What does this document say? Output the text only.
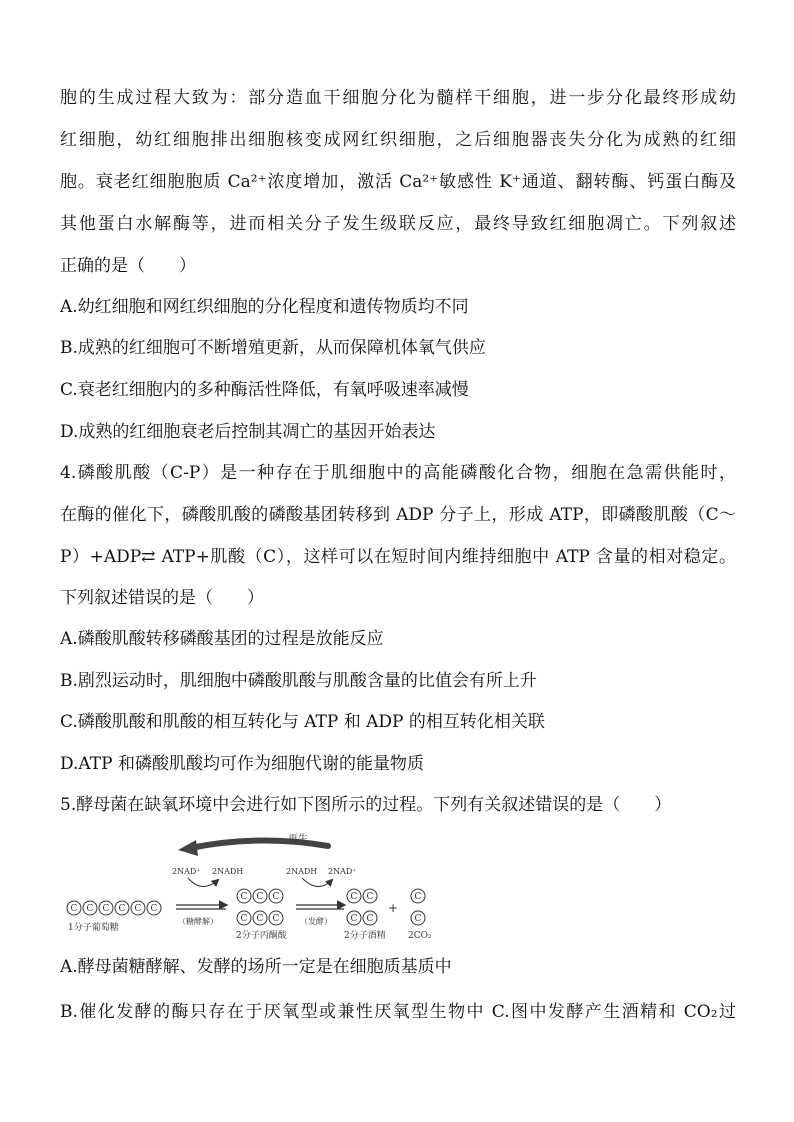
胞的生成过程大致为：部分造血干细胞分化为髓样干细胞，进一步分化最终形成幼
红细胞，幼红细胞排出细胞核变成网红织细胞，之后细胞器丧失分化为成熟的红细
胞。衰老红细胞胞质 Ca²⁺浓度增加，激活 Ca²⁺敏感性 K⁺通道、翻转酶、钙蛋白酶及
其他蛋白水解酶等，进而相关分子发生级联反应，最终导致红细胞凋亡。下列叙述
正确的是（　　）
A.幼红细胞和网红织细胞的分化程度和遗传物质均不同
B.成熟的红细胞可不断增殖更新，从而保障机体氧气供应
C.衰老红细胞内的多种酶活性降低，有氧呼吸速率减慢
D.成熟的红细胞衰老后控制其凋亡的基因开始表达
4.磷酸肌酸（C-P）是一种存在于肌细胞中的高能磷酸化合物，细胞在急需供能时，
在酶的催化下，磷酸肌酸的磷酸基团转移到 ADP 分子上，形成 ATP，即磷酸肌酸（C～
P）+ADP⇄ ATP+肌酸（C），这样可以在短时间内维持细胞中 ATP 含量的相对稳定。
下列叙述错误的是（　　）
A.磷酸肌酸转移磷酸基团的过程是放能反应
B.剧烈运动时，肌细胞中磷酸肌酸与肌酸含量的比值会有所上升
C.磷酸肌酸和肌酸的相互转化与 ATP 和 ADP 的相互转化相关联
D.ATP 和磷酸肌酸均可作为细胞代谢的能量物质
5.酵母菌在缺氧环境中会进行如下图所示的过程。下列有关叙述错误的是（　　）
再生
2NAD⁺ 2NADH	2NADH 2NAD⁺
C C C C C C
1分子葡萄糖
（糖酵解）
C C C
C C C
2分子丙酮酸
（发酵）
C C
C C
2分子酒精
+
C
C
2CO₂
A.酵母菌糖酵解、发酵的场所一定是在细胞质基质中
B.催化发酵的酶只存在于厌氧型或兼性厌氧型生物中 C.图中发酵产生酒精和 CO₂过
